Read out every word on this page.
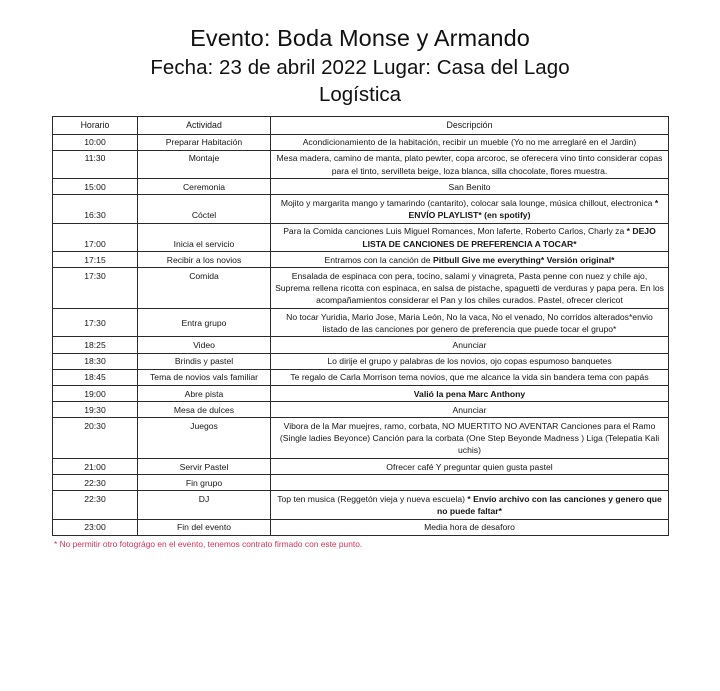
Evento: Boda Monse y Armando
Fecha: 23 de abril 2022 Lugar: Casa del Lago
Logística
Horario	Actividad	Descripción
10:00	Preparar Habitación	Acondicionamiento de la habitación, recibir un mueble (Yo no me arreglaré en el Jardin)
11:30	Montaje	Mesa madera, camino de manta, plato pewter, copa arcoroc, se oferecera vino tinto considerar copas para el tinto, servilleta beige, loza blanca, silla chocolate, flores muestra.
15:00	Ceremonia	San Benito
16:30	Cóctel	Mojito y margarita mango y tamarindo (cantarito), colocar sala lounge, música chillout, electronica * ENVÍO PLAYLIST* (en spotify)
17:00	Inicia el servicio	Para la Comida canciones Luis Miguel Romances, Mon laferte, Roberto Carlos, Charly za * DEJO LISTA DE CANCIONES DE PREFERENCIA A TOCAR*
17:15	Recibir a los novios	Entramos con la canción de Pitbull Give me everything* Versión original*
17:30	Comida	Ensalada de espinaca con pera, tocino, salami y vinagreta, Pasta penne con nuez y chile ajo, Suprema rellena ricotta con espinaca, en salsa de pistache, spaguetti de verduras y papa pera. En los acompañamientos considerar el Pan y los chiles curados. Pastel, ofrecer clericot
17:30	Entra grupo	No tocar Yuridia, Mario Jose, Maria León, No la vaca, No el venado, No corridos alterados*envio listado de las canciones por genero de preferencia que puede tocar el grupo*
18:25	Video	Anunciar
18:30	Brindis y pastel	Lo dirije el grupo y palabras de los novios, ojo copas espumoso banquetes
18:45	Tema de novios vals familiar	Te regalo de Carla Morrison tema novios, que me alcance la vida sin bandera tema con papás
19:00	Abre pista	Valió la pena Marc Anthony
19:30	Mesa de dulces	Anunciar
20:30	Juegos	Vibora de la Mar muejres, ramo, corbata, NO MUERTITO NO AVENTAR Canciones para el Ramo (Single ladies Beyonce) Canción para la corbata (One Step Beyonde Madness ) Liga (Telepatia Kali uchis)
21:00	Servir Pastel	Ofrecer café Y preguntar quien gusta pastel
22:30	Fin grupo	
22:30	DJ	Top ten musica (Reggetón vieja y nueva escuela) * Envío archivo con las canciones y genero que no puede faltar*
23:00	Fin del evento	Media hora de desaforo
* No permitir otro fotográgo en el evento, tenemos contrato firmado con este punto.
